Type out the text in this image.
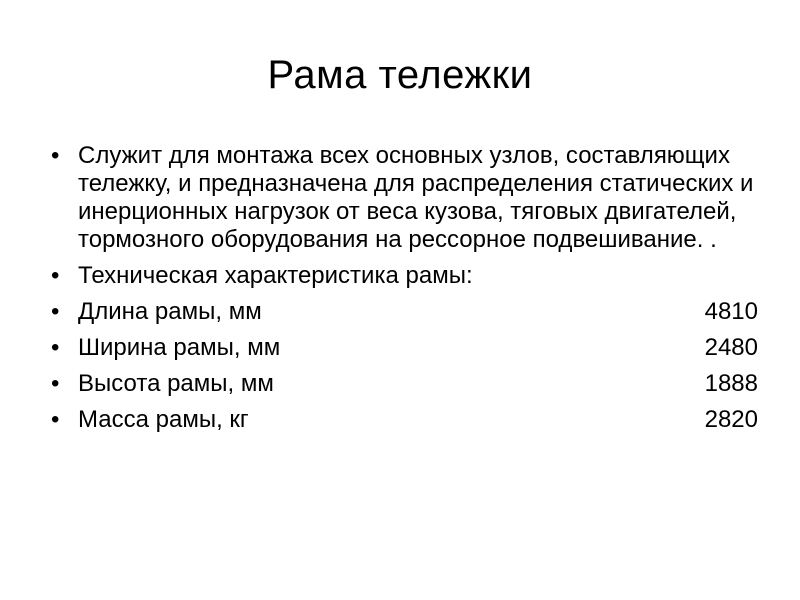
Рама тележки
• Служит для монтажа всех основных узлов, составляющих тележку, и предназначена для распределения статических и инерционных нагрузок от веса кузова, тяговых двигателей, тормозного оборудования на рессорное подвешивание. .
• Техническая характеристика рамы:
• Длина рамы, мм	4810
• Ширина рамы, мм	2480
• Высота рамы, мм	1888
• Масса рамы, кг	2820
